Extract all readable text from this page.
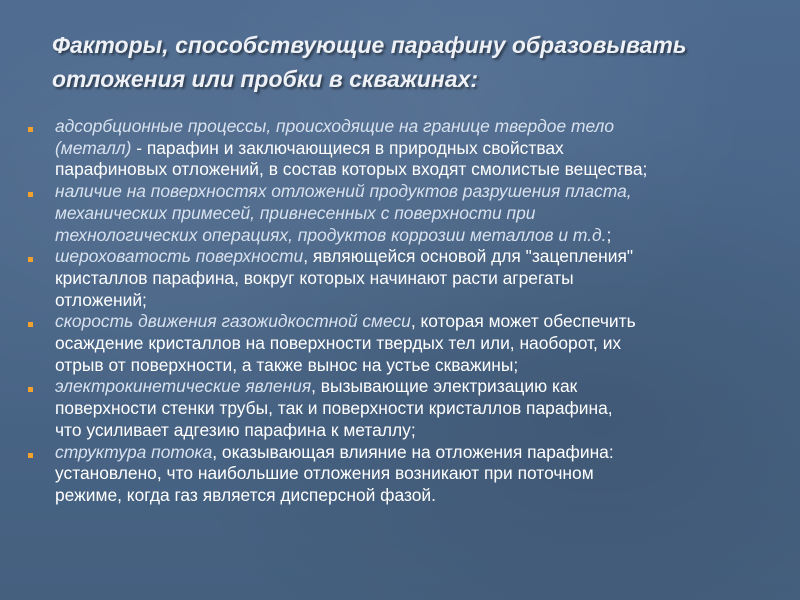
Факторы, способствующие парафину образовывать
отложения или пробки в скважинах:
адсорбционные процессы, происходящие на границе твердое тело
(металл) - парафин и заключающиеся в природных свойствах
парафиновых отложений, в состав которых входят смолистые вещества;
наличие на поверхностях отложений продуктов разрушения пласта,
механических примесей, привнесенных с поверхности при
технологических операциях, продуктов коррозии металлов и т.д.;
шероховатость поверхности, являющейся основой для "зацепления"
кристаллов парафина, вокруг которых начинают расти агрегаты
отложений;
скорость движения газожидкостной смеси, которая может обеспечить
осаждение кристаллов на поверхности твердых тел или, наоборот, их
отрыв от поверхности, а также вынос на устье скважины;
электрокинетические явления, вызывающие электризацию как
поверхности стенки трубы, так и поверхности кристаллов парафина,
что усиливает адгезию парафина к металлу;
структура потока, оказывающая влияние на отложения парафина:
установлено, что наибольшие отложения возникают при поточном
режиме, когда газ является дисперсной фазой.
